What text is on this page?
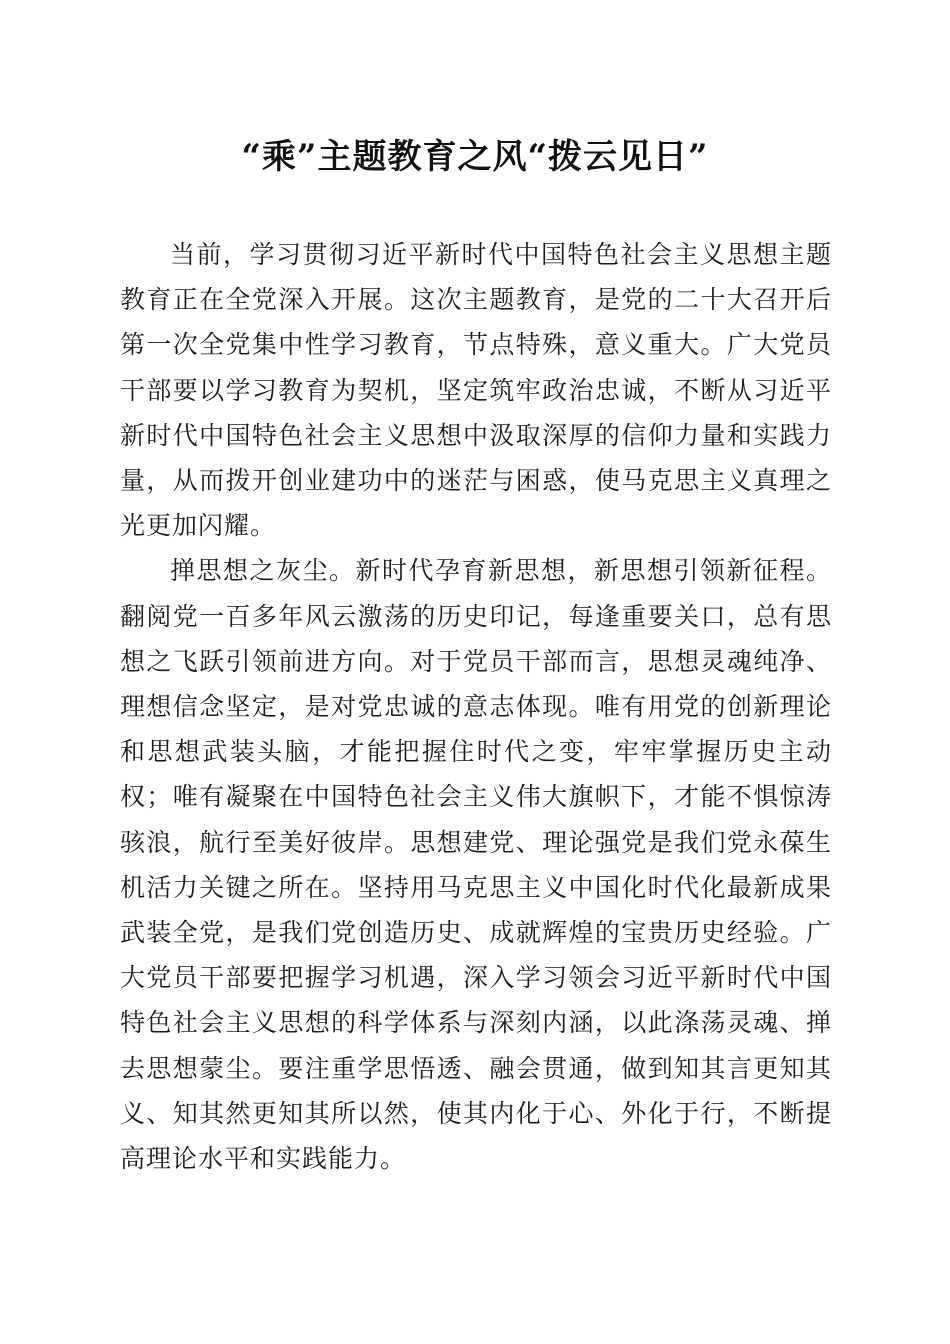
“乘”主题教育之风“拨云见日”

当前，学习贯彻习近平新时代中国特色社会主义思想主题教育正在全党深入开展。这次主题教育，是党的二十大召开后第一次全党集中性学习教育，节点特殊，意义重大。广大党员干部要以学习教育为契机，坚定筑牢政治忠诚，不断从习近平新时代中国特色社会主义思想中汲取深厚的信仰力量和实践力量，从而拨开创业建功中的迷茫与困惑，使马克思主义真理之光更加闪耀。

掸思想之灰尘。新时代孕育新思想，新思想引领新征程。翻阅党一百多年风云激荡的历史印记，每逢重要关口，总有思想之飞跃引领前进方向。对于党员干部而言，思想灵魂纯净、理想信念坚定，是对党忠诚的意志体现。唯有用党的创新理论和思想武装头脑，才能把握住时代之变，牢牢掌握历史主动权；唯有凝聚在中国特色社会主义伟大旗帜下，才能不惧惊涛骇浪，航行至美好彼岸。思想建党、理论强党是我们党永葆生机活力关键之所在。坚持用马克思主义中国化时代化最新成果武装全党，是我们党创造历史、成就辉煌的宝贵历史经验。广大党员干部要把握学习机遇，深入学习领会习近平新时代中国特色社会主义思想的科学体系与深刻内涵，以此涤荡灵魂、掸去思想蒙尘。要注重学思悟透、融会贯通，做到知其言更知其义、知其然更知其所以然，使其内化于心、外化于行，不断提高理论水平和实践能力。
